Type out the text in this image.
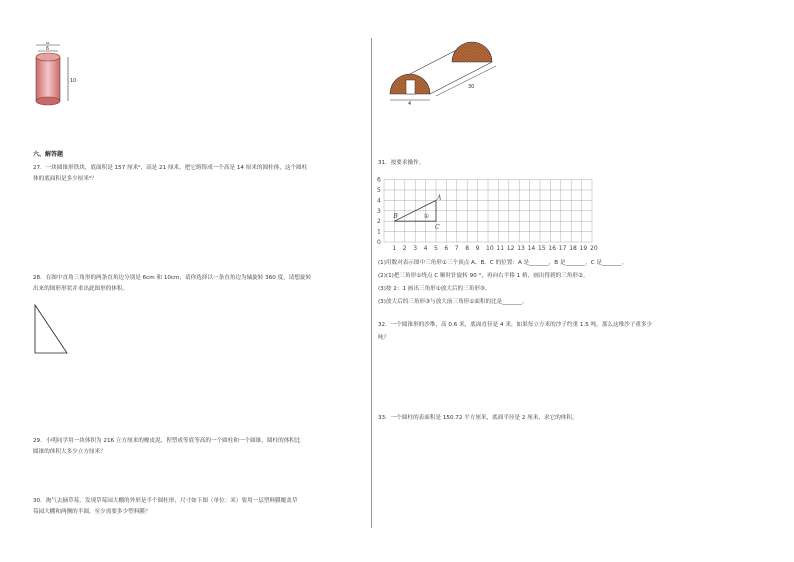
8
6
10
六、解答题
27．一块圆锥形铁块，底面积是 157 厘米²，高是 21 厘米，把它熔铸成一个高是 14 厘米的圆柱体，这个圆柱
体的底面积是多少厘米²？
28．在图中直角三角形的两条直角边分别是 6cm 和 10cm，请你选择以一条直角边为轴旋转 360 度，请想旋转
出来的图形形状并求出此图形的体积。
29．小明同学用一块体积为 216 立方厘米的橡皮泥，捏塑成等底等高的一个圆柱和一个圆锥，圆柱的体积比
圆锥的体积大多少立方厘米？
30．淘气去摘草莓，发现草莓园大棚的外形是半个圆柱形，尺寸如下图（单位：米）要用一层塑料膜覆盖草
莓园大棚和两侧的半圆，至少需要多少塑料膜？
4
30
31．按要求操作。
0
1
2
3
4
5
6
1 2 3 4 5 6 7 8 9 10 11 12 13 14 15 16 17 18 19 20
A
B
C
①
(1)用数对表示图中三角形①三个顶点 A、B、C 的位置：A 是_______，B 是_______，C 是_______。
(2)(1)把三角形①绕点 C 顺时针旋转 90 °，再向右平移 1 格，画出得到的三角形②。
(3)按 2：1 画出三角形①放大后的三角形③。
(3)放大后的三角形③与放大前三角形①面积的比是_______。
32．一个圆锥形的沙堆，高 0.6 米，底面直径是 4 米，如果每立方米的沙子约重 1.5 吨，那么这堆沙子重多少
吨？
33．一个圆柱的表面积是 150.72 平方厘米，底面半径是 2 厘米，求它的体积。
